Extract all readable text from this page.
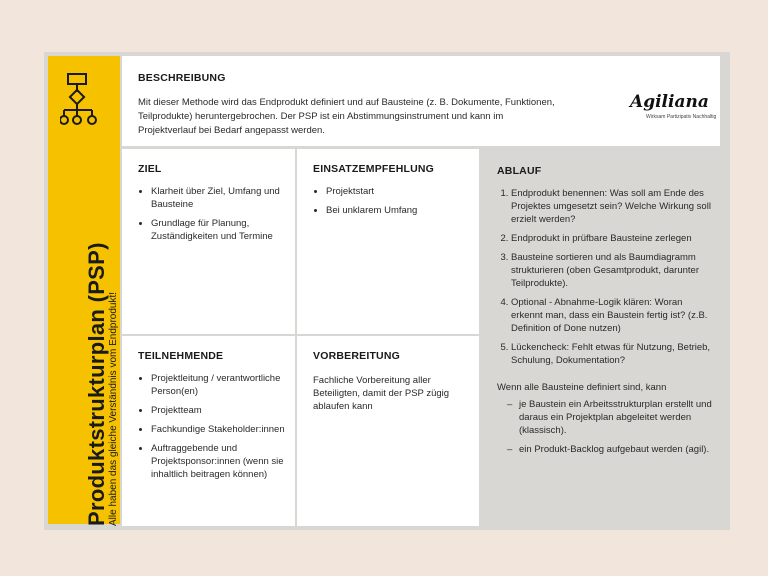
Produktstrukturplan (PSP) Alle haben das gleiche Verständnis vom Endprodukt!
BESCHREIBUNG

Mit dieser Methode wird das Endprodukt definiert und auf Bausteine (z. B. Dokumente, Funktionen, Teilprodukte) heruntergebrochen. Der PSP ist ein Abstimmungsinstrument und kann im Projektverlauf bei Bedarf angepasst werden.

Agiliana
Wirksam Partizipativ Nachhaltig
ZIEL
• Klarheit über Ziel, Umfang und Bausteine
• Grundlage für Planung, Zuständigkeiten und Termine
EINSATZEMPFEHLUNG
• Projektstart
• Bei unklarem Umfang
TEILNEHMENDE
• Projektleitung / verantwortliche Person(en)
• Projektteam
• Fachkundige Stakeholder:innen
• Auftraggebende und Projektsponsor:innen (wenn sie inhaltlich beitragen können)
VORBEREITUNG

Fachliche Vorbereitung aller Beteiligten, damit der PSP zügig ablaufen kann

ABLAUF
1. Endprodukt benennen: Was soll am Ende des Projektes umgesetzt sein? Welche Wirkung soll erzielt werden?
2. Endprodukt in prüfbare Bausteine zerlegen
3. Bausteine sortieren und als Baumdiagramm strukturieren (oben Gesamtprodukt, darunter Teilprodukte).
4. Optional - Abnahme-Logik klären: Woran erkennt man, dass ein Baustein fertig ist? (z.B. Definition of Done nutzen)
5. Lückencheck: Fehlt etwas für Nutzung, Betrieb, Schulung, Dokumentation?

Wenn alle Bausteine definiert sind, kann

– je Baustein ein Arbeitsstrukturplan erstellt und daraus ein Projektplan abgeleitet werden (klassisch).
– ein Produkt-Backlog aufgebaut werden (agil).
